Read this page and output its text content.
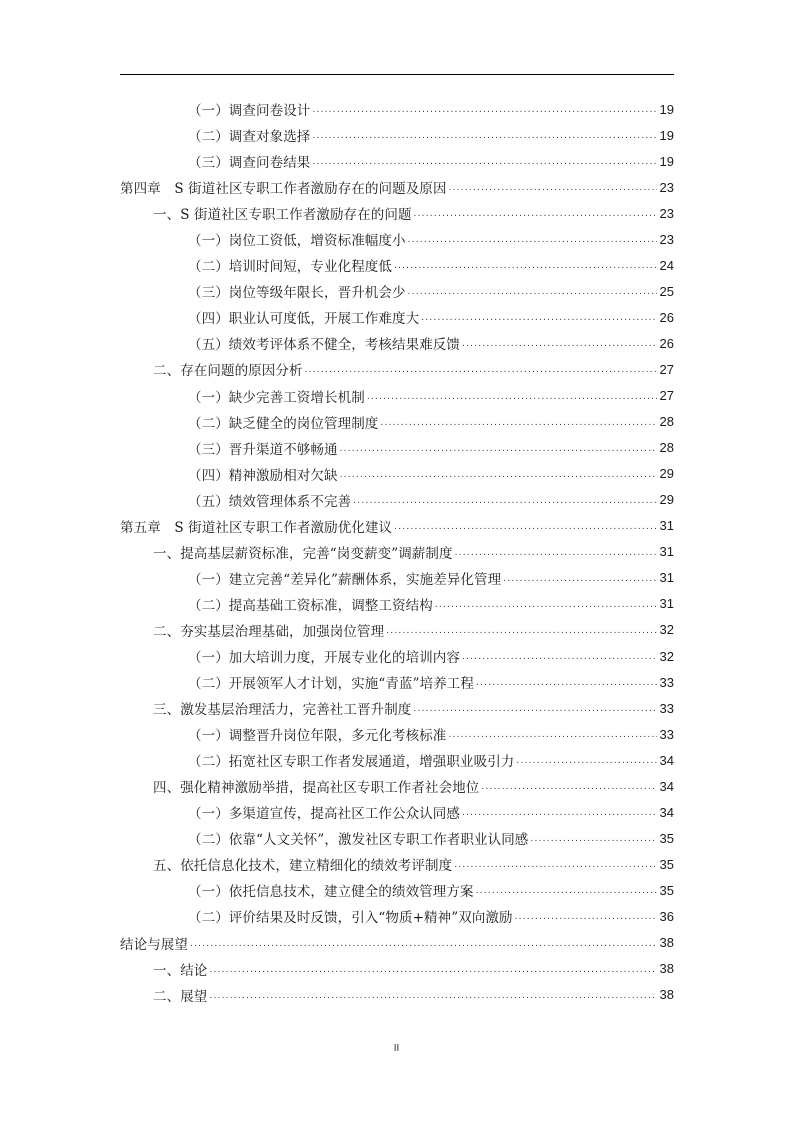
（一）调查问卷设计 .....	19
（二）调查对象选择 .....	19
（三）调查问卷结果 .....	19
第四章　S 街道社区专职工作者激励存在的问题及原因 .....	23
一、S 街道社区专职工作者激励存在的问题 .....	23
（一）岗位工资低，增资标准幅度小 .....	23
（二）培训时间短，专业化程度低 .....	24
（三）岗位等级年限长，晋升机会少 .....	25
（四）职业认可度低，开展工作难度大 .....	26
（五）绩效考评体系不健全，考核结果难反馈 .....	26
二、存在问题的原因分析 .....	27
（一）缺少完善工资增长机制 .....	27
（二）缺乏健全的岗位管理制度 .....	28
（三）晋升渠道不够畅通 .....	28
（四）精神激励相对欠缺 .....	29
（五）绩效管理体系不完善 .....	29
第五章　S 街道社区专职工作者激励优化建议 .....	31
一、提高基层薪资标准，完善“岗变薪变”调薪制度 .....	31
（一）建立完善“差异化”薪酬体系，实施差异化管理 .....	31
（二）提高基础工资标准，调整工资结构 .....	31
二、夯实基层治理基础，加强岗位管理 .....	32
（一）加大培训力度，开展专业化的培训内容 .....	32
（二）开展领军人才计划，实施“青蓝”培养工程 .....	33
三、激发基层治理活力，完善社工晋升制度 .....	33
（一）调整晋升岗位年限，多元化考核标准 .....	33
（二）拓宽社区专职工作者发展通道，增强职业吸引力 .....	34
四、强化精神激励举措，提高社区专职工作者社会地位 .....	34
（一）多渠道宣传，提高社区工作公众认同感 .....	34
（二）依靠“人文关怀”，激发社区专职工作者职业认同感 .....	35
五、依托信息化技术，建立精细化的绩效考评制度 .....	35
（一）依托信息技术，建立健全的绩效管理方案 .....	35
（二）评价结果及时反馈，引入“物质+精神”双向激励 .....	36
结论与展望 .....	38
一、结论 .....	38
二、展望 .....	38
II
